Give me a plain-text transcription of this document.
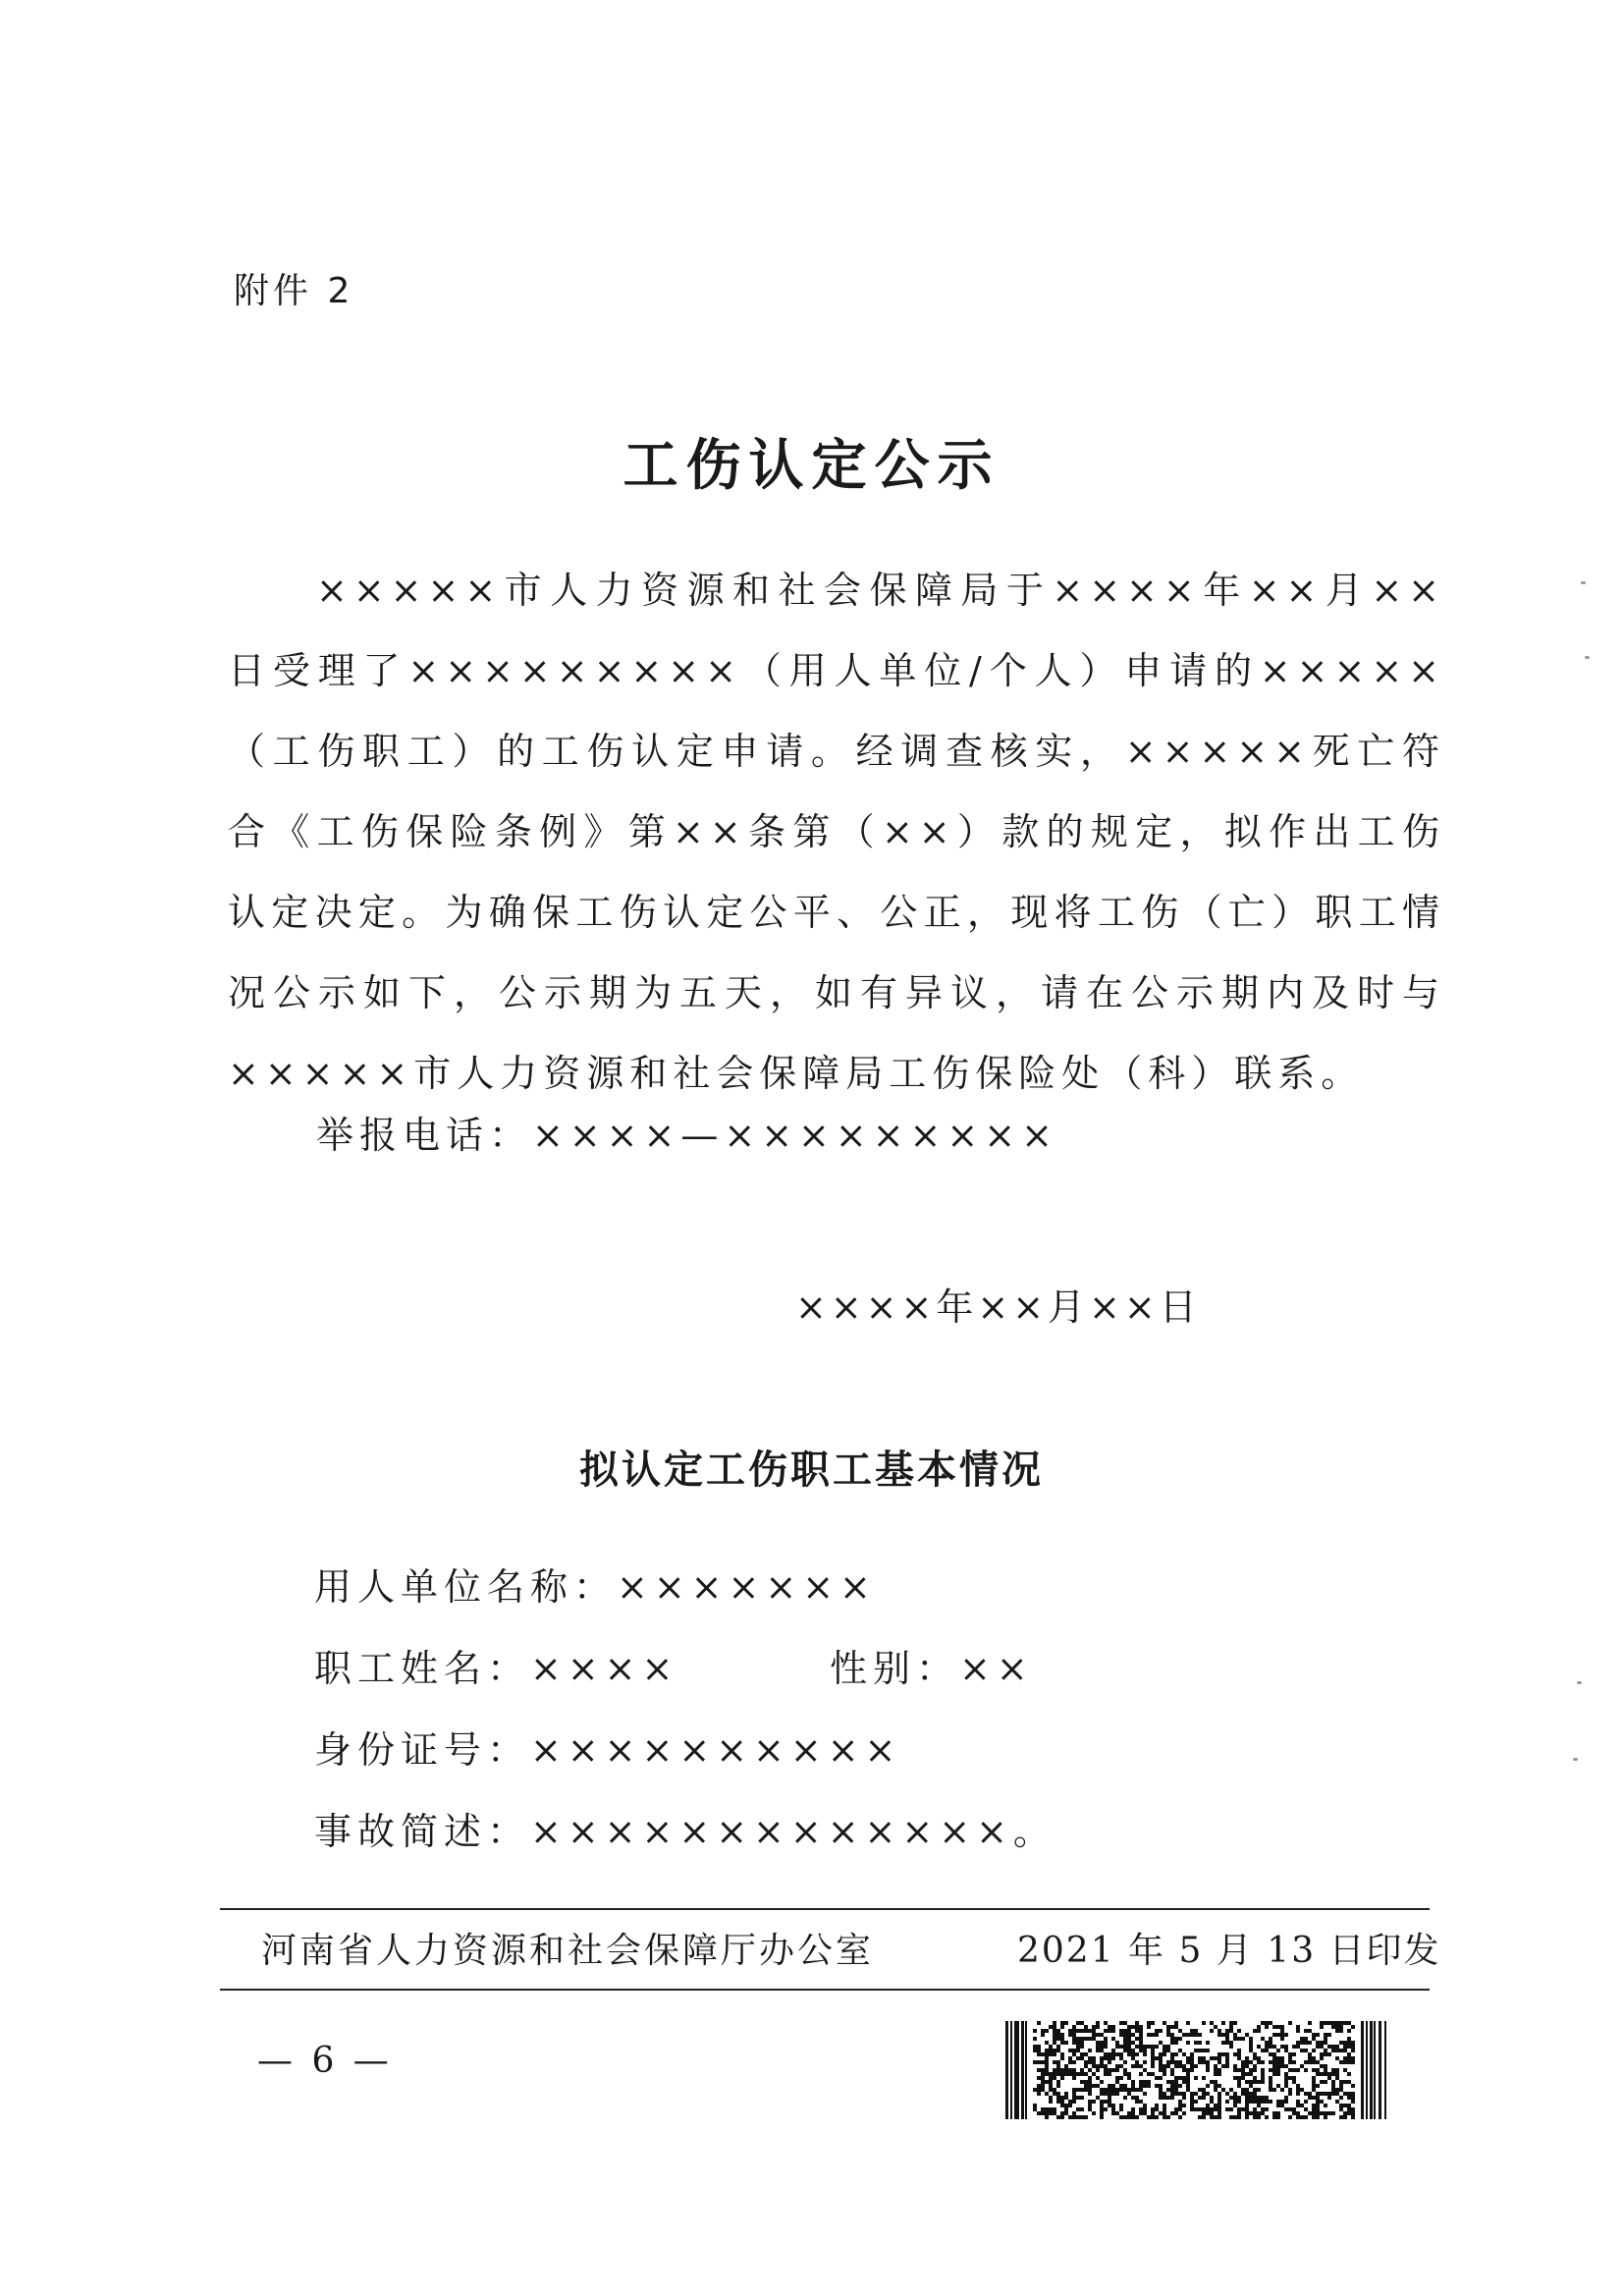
附件 2
工伤认定公示
×××××市人力资源和社会保障局于××××年××月××日受理了×××××××××（用人单位/个人）申请的×××××（工伤职工）的工伤认定申请。经调查核实，×××××死亡符合《工伤保险条例》第××条第（××）款的规定，拟作出工伤认定决定。为确保工伤认定公平、公正，现将工伤（亡）职工情况公示如下，公示期为五天，如有异议，请在公示期内及时与×××××市人力资源和社会保障局工伤保险处（科）联系。
举报电话：××××—×××××××××
××××年××月××日
拟认定工伤职工基本情况
用人单位名称：×××××××
职工姓名：××××	性别：××
身份证号：××××××××××
事故简述：×××××××××××××。
河南省人力资源和社会保障厅办公室	2021 年 5 月 13 日印发
— 6 —
